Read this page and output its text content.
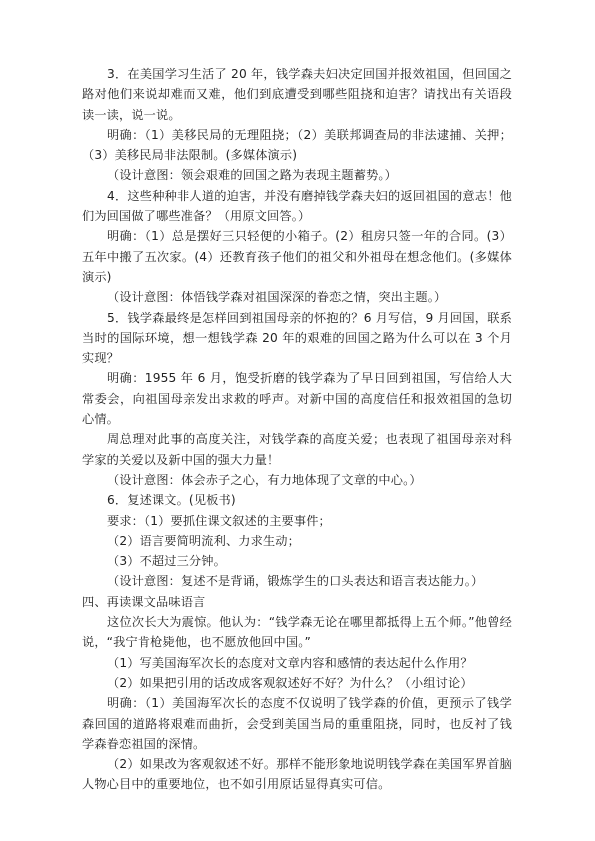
3．在美国学习生活了 20 年，钱学森夫妇决定回国并报效祖国，但回国之路对他们来说却难而又难，他们到底遭受到哪些阻挠和迫害？请找出有关语段读一读，说一说。

明确：（1）美移民局的无理阻挠；（2）美联邦调查局的非法逮捕、关押；（3）美移民局非法限制。(多媒体演示)

（设计意图：领会艰难的回国之路为表现主题蓄势。）

4．这些种种非人道的迫害，并没有磨掉钱学森夫妇的返回祖国的意志！他们为回国做了哪些准备？（用原文回答。）

明确：（1）总是摆好三只轻便的小箱子。(2）租房只签一年的合同。(3）五年中搬了五次家。(4）还教育孩子他们的祖父和外祖母在想念他们。(多媒体演示)

（设计意图：体悟钱学森对祖国深深的眷恋之情，突出主题。）

5．钱学森最终是怎样回到祖国母亲的怀抱的？6 月写信，9 月回国，联系当时的国际环境，想一想钱学森 20 年的艰难的回国之路为什么可以在 3 个月实现？

明确：1955 年 6 月，饱受折磨的钱学森为了早日回到祖国，写信给人大常委会，向祖国母亲发出求救的呼声。对新中国的高度信任和报效祖国的急切心情。

周总理对此事的高度关注，对钱学森的高度关爱；也表现了祖国母亲对科学家的关爱以及新中国的强大力量！

（设计意图：体会赤子之心，有力地体现了文章的中心。）

6．复述课文。(见板书)

要求：（1）要抓住课文叙述的主要事件；

（2）语言要简明流利、力求生动；

（3）不超过三分钟。

（设计意图：复述不是背诵，锻炼学生的口头表达和语言表达能力。）

四、再读课文品味语言

这位次长大为震惊。他认为：“钱学森无论在哪里都抵得上五个师。”他曾经说，“我宁肯枪毙他，也不愿放他回中国。”

（1）写美国海军次长的态度对文章内容和感情的表达起什么作用？

（2）如果把引用的话改成客观叙述好不好？为什么？（小组讨论）

明确：（1）美国海军次长的态度不仅说明了钱学森的价值，更预示了钱学森回国的道路将艰难而曲折，会受到美国当局的重重阻挠，同时，也反衬了钱学森眷恋祖国的深情。

（2）如果改为客观叙述不好。那样不能形象地说明钱学森在美国军界首脑人物心目中的重要地位，也不如引用原话显得真实可信。
